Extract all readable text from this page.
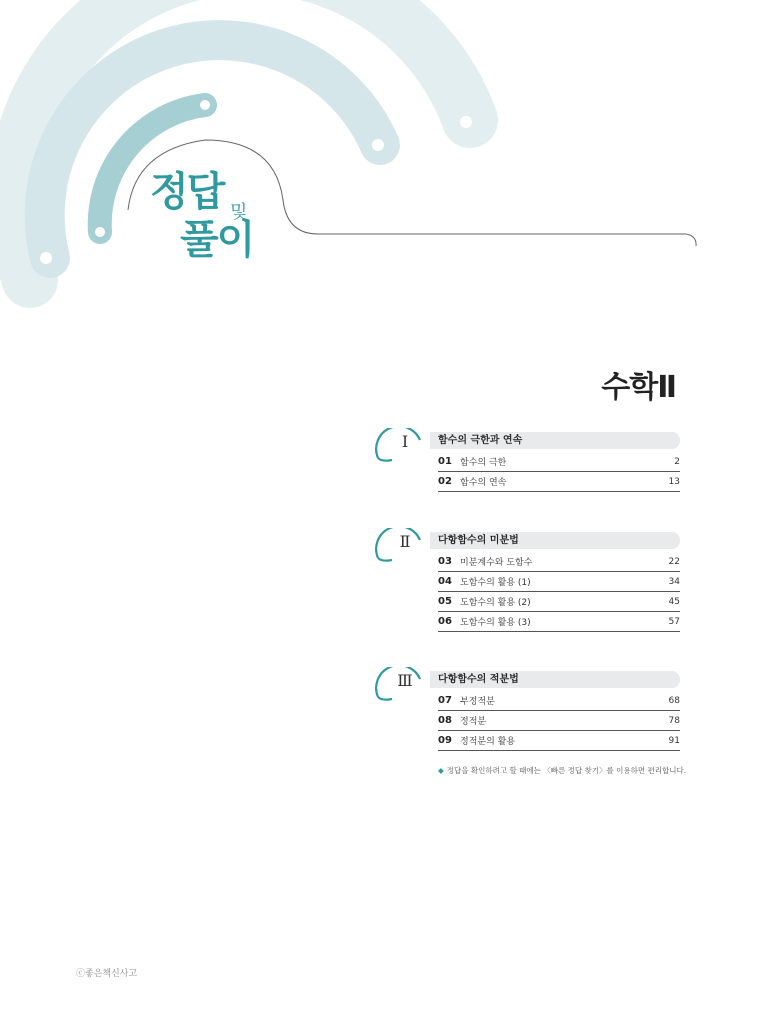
정답 및
풀이
수학Ⅱ
Ⅰ	함수의 극한과 연속
01 함수의 극한	2
02 함수의 연속	13
Ⅱ	다항함수의 미분법
03 미분계수와 도함수	22
04 도함수의 활용 (1)	34
05 도함수의 활용 (2)	45
06 도함수의 활용 (3)	57
Ⅲ	다항함수의 적분법
07 부정적분	68
08 정적분	78
09 정적분의 활용	91
◆ 정답을 확인하려고 할 때에는 〈빠른 정답 찾기〉를 이용하면 편리합니다.
ⓒ좋은책신사고
